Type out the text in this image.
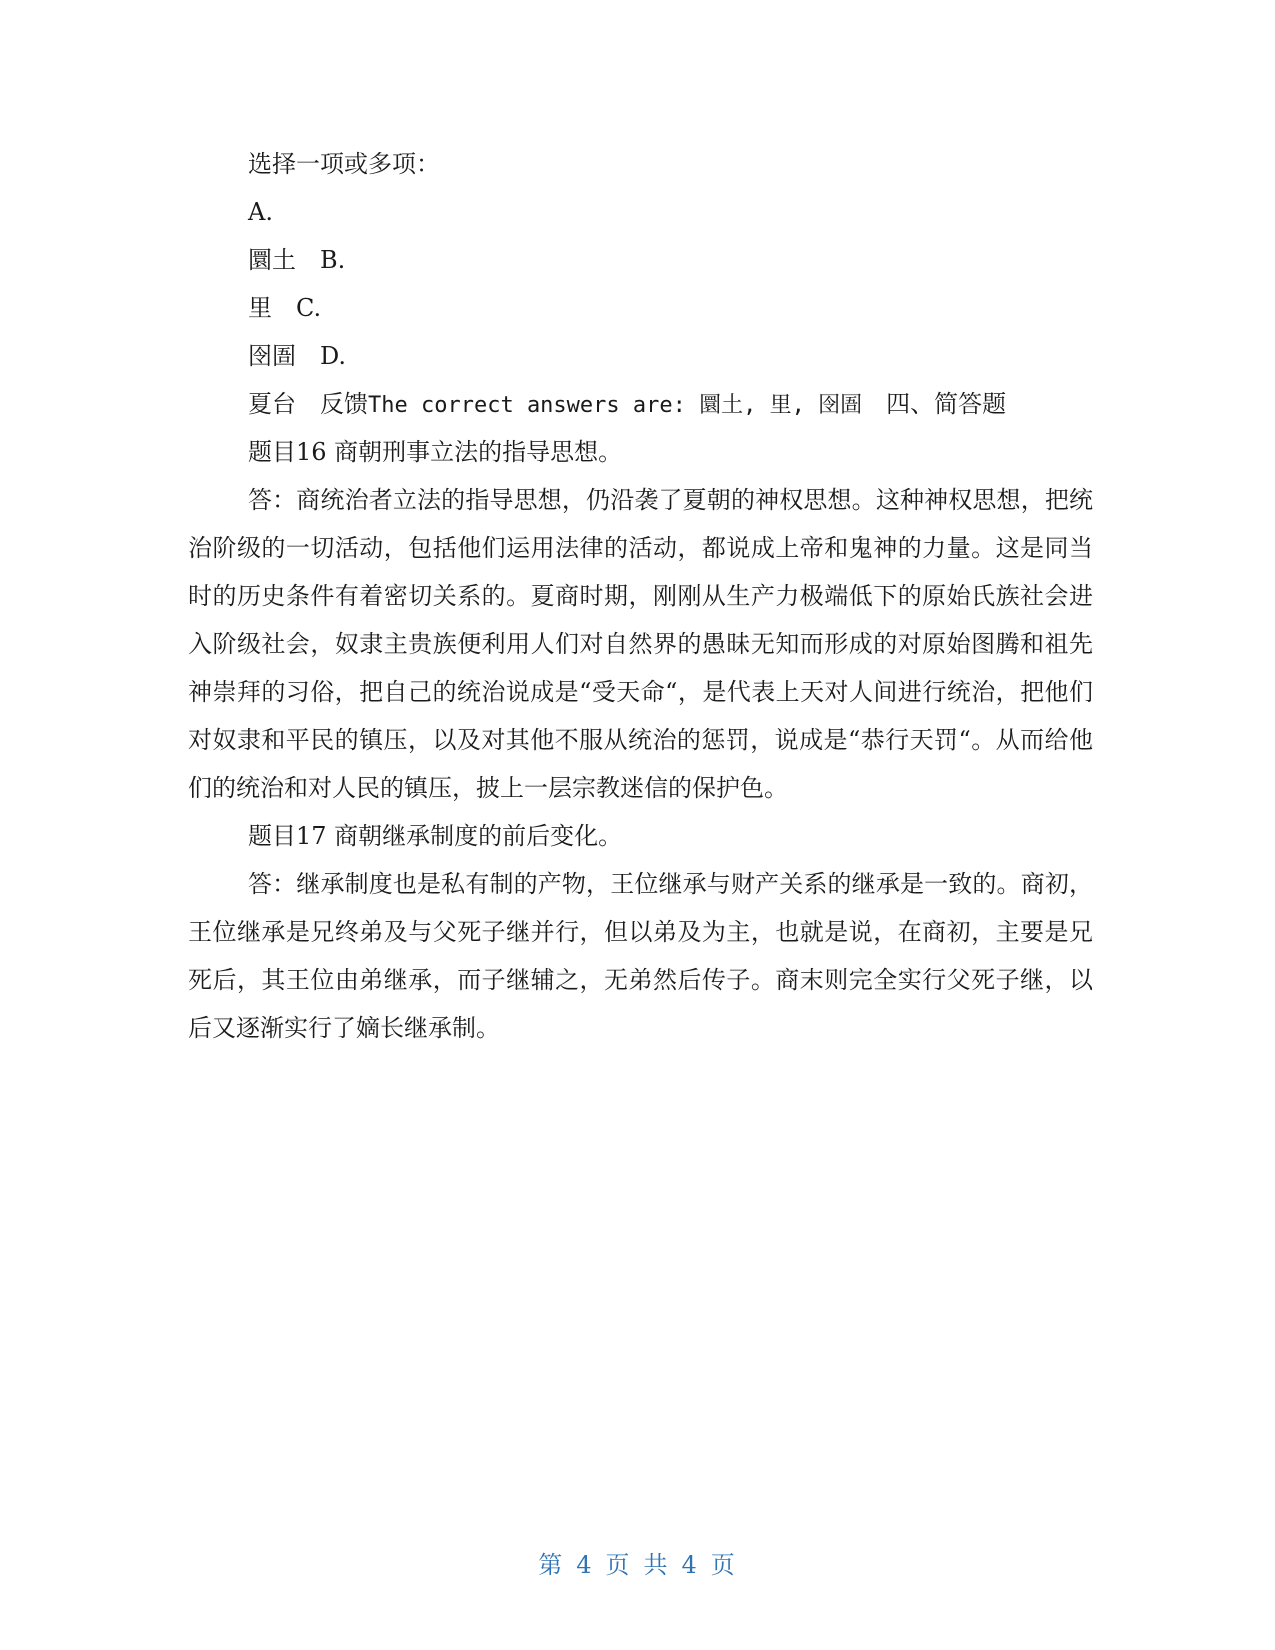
选择一项或多项：
A.
圜土　B.
里　C.
囹圄　D.
夏台　反馈The correct answers are: 圜土, 里, 囹圄　四、简答题
题目16 商朝刑事立法的指导思想。

答：商统治者立法的指导思想，仍沿袭了夏朝的神权思想。这种神权思想，把统治阶级的一切活动，包括他们运用法律的活动，都说成上帝和鬼神的力量。这是同当时的历史条件有着密切关系的。夏商时期，刚刚从生产力极端低下的原始氏族社会进入阶级社会，奴隶主贵族便利用人们对自然界的愚昧无知而形成的对原始图腾和祖先神崇拜的习俗，把自己的统治说成是“受天命“，是代表上天对人间进行统治，把他们对奴隶和平民的镇压，以及对其他不服从统治的惩罚，说成是“恭行天罚“。从而给他们的统治和对人民的镇压，披上一层宗教迷信的保护色。

题目17 商朝继承制度的前后变化。

答：继承制度也是私有制的产物，王位继承与财产关系的继承是一致的。商初，王位继承是兄终弟及与父死子继并行，但以弟及为主，也就是说，在商初，主要是兄死后，其王位由弟继承，而子继辅之，无弟然后传子。商末则完全实行父死子继，以后又逐渐实行了嫡长继承制。

第 4 页 共 4 页
